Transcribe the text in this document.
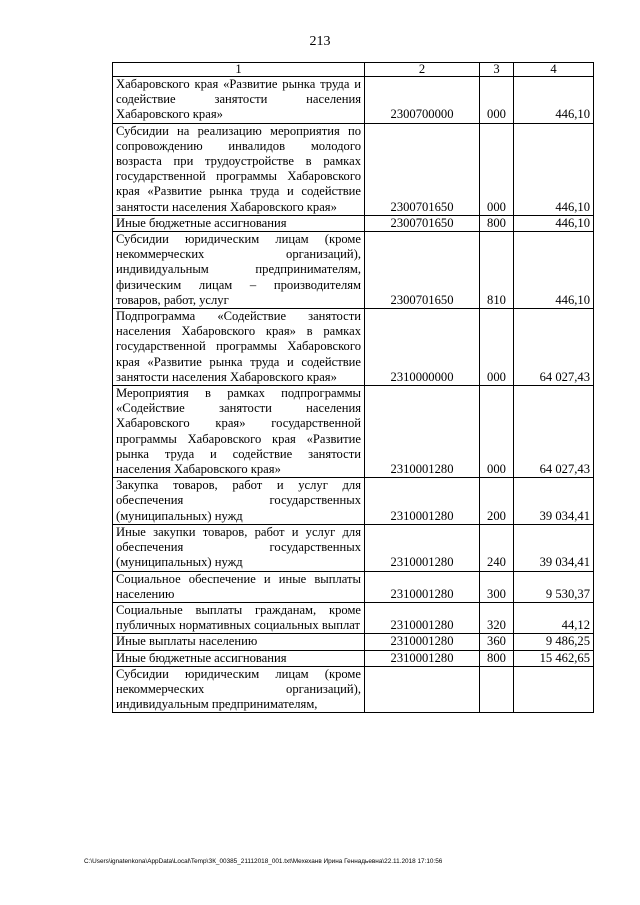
213
1	2	3	4
Хабаровского края «Развитие рынка труда и содействие занятости населения Хабаровского края»	2300700000	000	446,10
Субсидии на реализацию мероприятия по сопровождению инвалидов молодого возраста при трудоустройстве в рамках государственной программы Хабаровского края «Развитие рынка труда и содействие занятости населения Хабаровского края»	2300701650	000	446,10
Иные бюджетные ассигнования	2300701650	800	446,10
Субсидии юридическим лицам (кроме некоммерческих организаций), индивидуальным предпринимателям, физическим лицам – производителям товаров, работ, услуг	2300701650	810	446,10
Подпрограмма «Содействие занятости населения Хабаровского края» в рамках государственной программы Хабаровского края «Развитие рынка труда и содействие занятости населения Хабаровского края»	2310000000	000	64 027,43
Мероприятия в рамках подпрограммы «Содействие занятости населения Хабаровского края» государственной программы Хабаровского края «Развитие рынка труда и содействие занятости населения Хабаровского края»	2310001280	000	64 027,43
Закупка товаров, работ и услуг для обеспечения государственных (муниципальных) нужд	2310001280	200	39 034,41
Иные закупки товаров, работ и услуг для обеспечения государственных (муниципальных) нужд	2310001280	240	39 034,41
Социальное обеспечение и иные выплаты населению	2310001280	300	9 530,37
Социальные выплаты гражданам, кроме публичных нормативных социальных выплат	2310001280	320	44,12
Иные выплаты населению	2310001280	360	9 486,25
Иные бюджетные ассигнования	2310001280	800	15 462,65
Субсидии юридическим лицам (кроме некоммерческих организаций), индивидуальным предпринимателям,			
C:\Users\ignatenkona\AppData\Local\Temp\ЗК_00385_21112018_001.txt\Мехеханв Ирина Геннадьевна\22.11.2018 17:10:56
